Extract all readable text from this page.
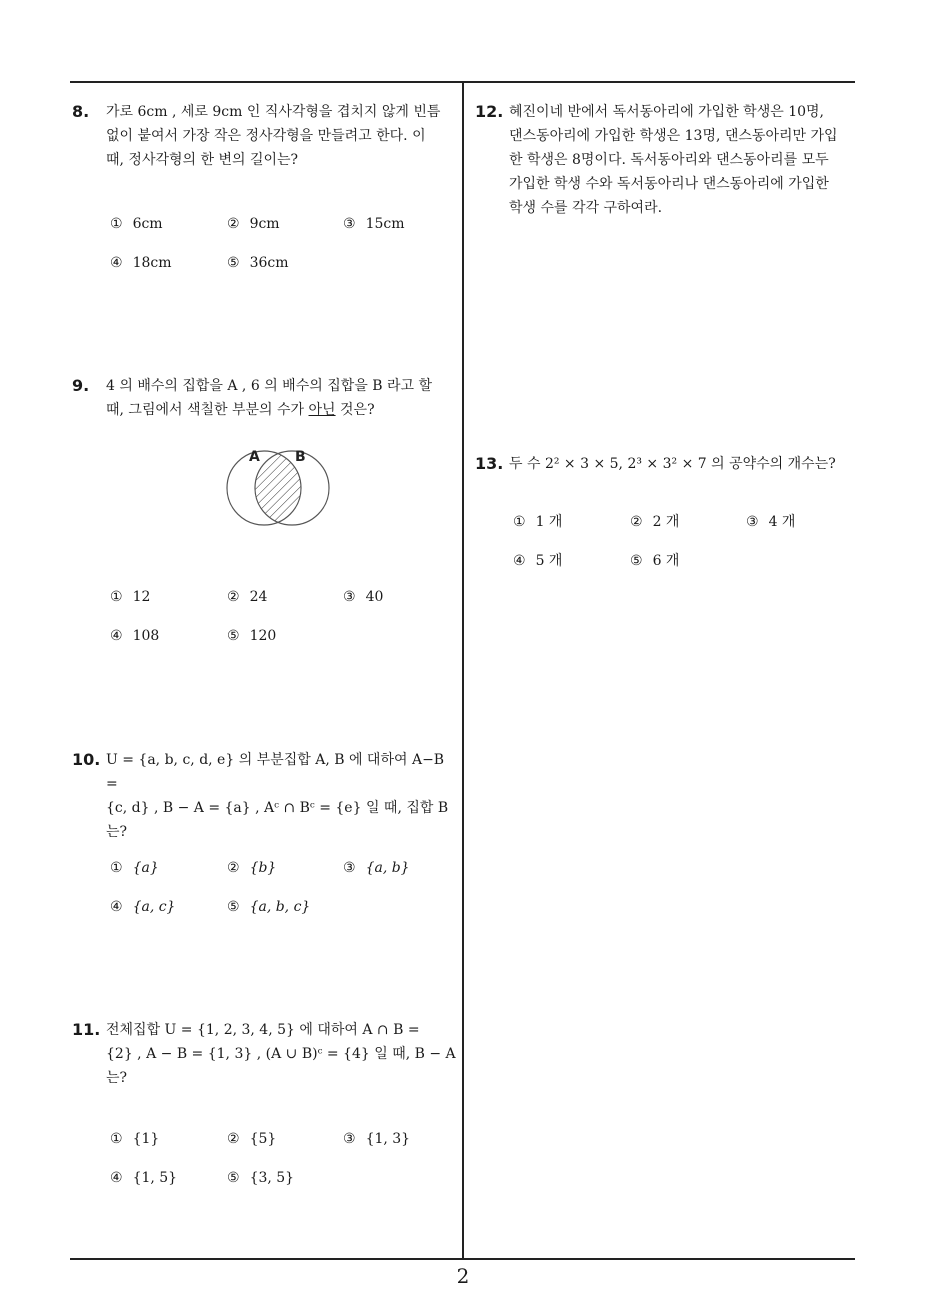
8. 가로 6cm , 세로 9cm 인 직사각형을 겹치지 않게 빈틈
없이 붙여서 가장 작은 정사각형을 만들려고 한다. 이
때, 정사각형의 한 변의 길이는?
① 6cm	② 9cm	③ 15cm
④ 18cm	⑤ 36cm
9. 4 의 배수의 집합을 A , 6 의 배수의 집합을 B 라고 할
때, 그림에서 색칠한 부분의 수가 아닌 것은?
A	B
① 12	② 24	③ 40
④ 108	⑤ 120
10. U = {a, b, c, d, e} 의 부분집합 A, B 에 대하여 A−B =
{c, d} , B − A = {a} , Aᶜ ∩ Bᶜ = {e} 일 때, 집합 B
는?
① {a}	② {b}	③ {a, b}
④ {a, c}	⑤ {a, b, c}
11. 전체집합 U = {1, 2, 3, 4, 5} 에 대하여 A ∩ B =
{2} , A − B = {1, 3} , (A ∪ B)ᶜ = {4} 일 때, B − A
는?
① {1}	② {5}	③ {1, 3}
④ {1, 5}	⑤ {3, 5}
12. 혜진이네 반에서 독서동아리에 가입한 학생은 10명,
댄스동아리에 가입한 학생은 13명, 댄스동아리만 가입
한 학생은 8명이다. 독서동아리와 댄스동아리를 모두
가입한 학생 수와 독서동아리나 댄스동아리에 가입한
학생 수를 각각 구하여라.
13. 두 수 2² × 3 × 5, 2³ × 3² × 7 의 공약수의 개수는?
① 1 개	② 2 개	③ 4 개
④ 5 개	⑤ 6 개
2
